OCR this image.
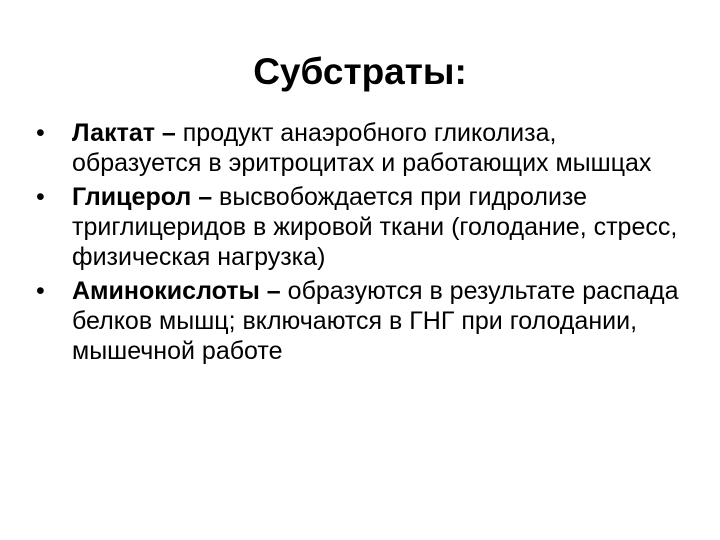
Субстраты:
•	Лактат – продукт анаэробного гликолиза, образуется в эритроцитах и работающих мышцах
•	Глицерол – высвобождается при гидролизе триглицеридов в жировой ткани (голодание, стресс, физическая нагрузка)
•	Аминокислоты – образуются в результате распада белков мышц; включаются в ГНГ при голодании, мышечной работе
